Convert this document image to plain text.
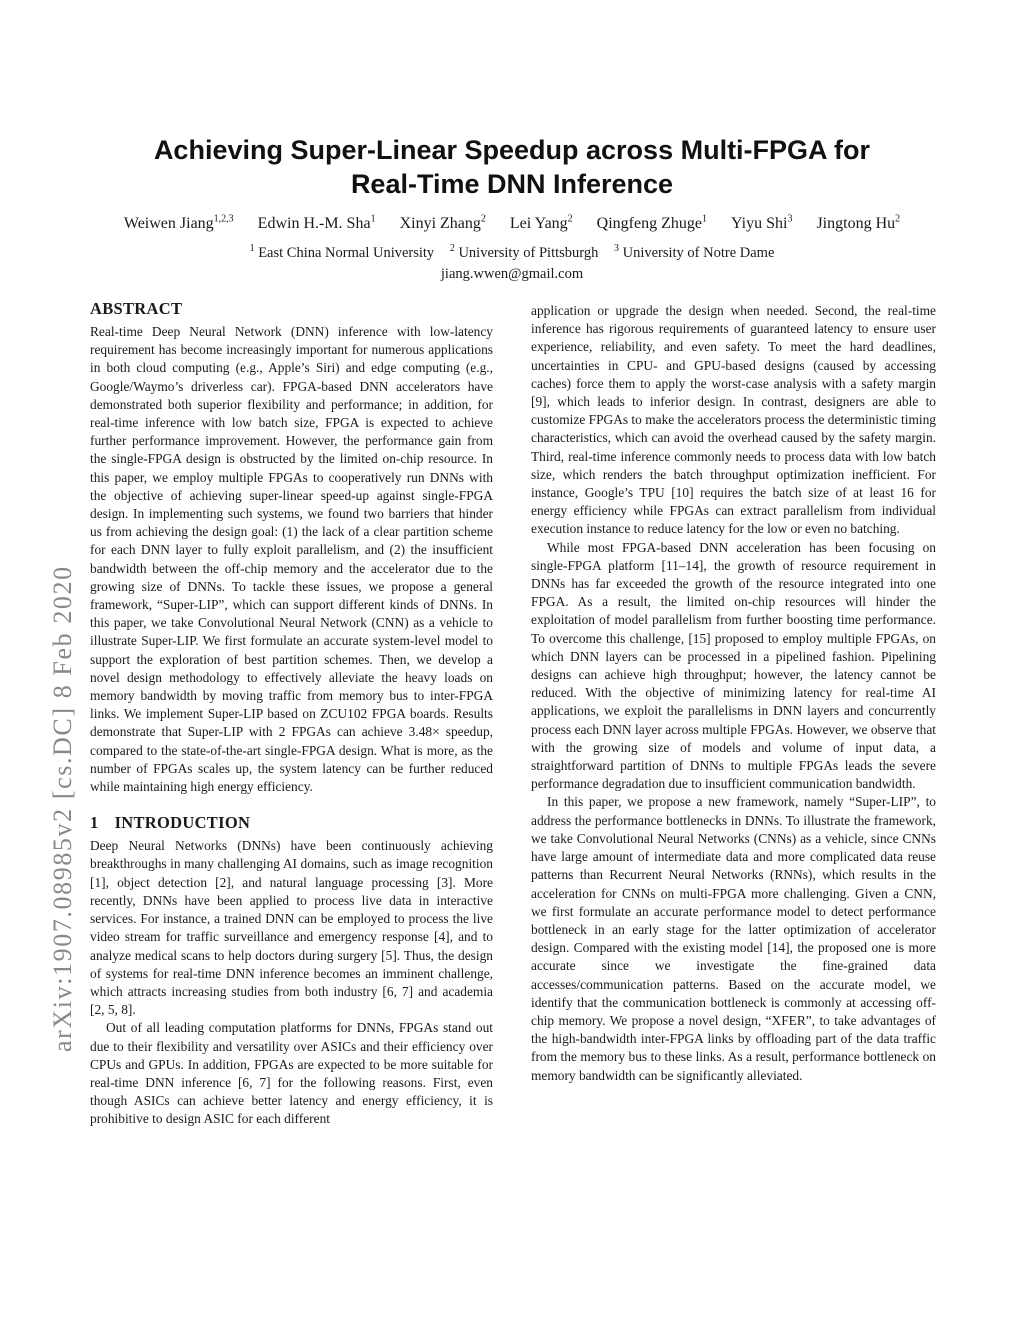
arXiv:1907.08985v2 [cs.DC] 8 Feb 2020
Achieving Super-Linear Speedup across Multi-FPGA for
Real-Time DNN Inference
Weiwen Jiang$^{1,2,3}$ Edwin H.-M. Sha$^1$ Xinyi Zhang$^2$ Lei Yang$^2$ Qingfeng Zhuge$^1$ Yiyu Shi$^3$ Jingtong Hu$^2$
$^1$ East China Normal University $^2$ University of Pittsburgh $^3$ University of Notre Dame
jiang.wwen@gmail.com
ABSTRACT

Real-time Deep Neural Network (DNN) inference with low-latency requirement has become increasingly important for numerous applications in both cloud computing (e.g., Apple’s Siri) and edge computing (e.g., Google/Waymo’s driverless car). FPGA-based DNN accelerators have demonstrated both superior flexibility and performance; in addition, for real-time inference with low batch size, FPGA is expected to achieve further performance improvement. However, the performance gain from the single-FPGA design is obstructed by the limited on-chip resource. In this paper, we employ multiple FPGAs to cooperatively run DNNs with the objective of achieving super-linear speed-up against single-FPGA design. In implementing such systems, we found two barriers that hinder us from achieving the design goal: (1) the lack of a clear partition scheme for each DNN layer to fully exploit parallelism, and (2) the insufficient bandwidth between the off-chip memory and the accelerator due to the growing size of DNNs. To tackle these issues, we propose a general framework, “Super-LIP”, which can support different kinds of DNNs. In this paper, we take Convolutional Neural Network (CNN) as a vehicle to illustrate Super-LIP. We first formulate an accurate system-level model to support the exploration of best partition schemes. Then, we develop a novel design methodology to effectively alleviate the heavy loads on memory bandwidth by moving traffic from memory bus to inter-FPGA links. We implement Super-LIP based on ZCU102 FPGA boards. Results demonstrate that Super-LIP with 2 FPGAs can achieve 3.48× speedup, compared to the state-of-the-art single-FPGA design. What is more, as the number of FPGAs scales up, the system latency can be further reduced while maintaining high energy efficiency.

1 INTRODUCTION

Deep Neural Networks (DNNs) have been continuously achieving breakthroughs in many challenging AI domains, such as image recognition [1], object detection [2], and natural language processing [3]. More recently, DNNs have been applied to process live data in interactive services. For instance, a trained DNN can be employed to process the live video stream for traffic surveillance and emergency response [4], and to analyze medical scans to help doctors during surgery [5]. Thus, the design of systems for real-time DNN inference becomes an imminent challenge, which attracts increasing studies from both industry [6, 7] and academia [2, 5, 8].

Out of all leading computation platforms for DNNs, FPGAs stand out due to their flexibility and versatility over ASICs and their efficiency over CPUs and GPUs. In addition, FPGAs are expected to be more suitable for real-time DNN inference [6, 7] for the following reasons. First, even though ASICs can achieve better latency and energy efficiency, it is prohibitive to design ASIC for each different

application or upgrade the design when needed. Second, the real-time inference has rigorous requirements of guaranteed latency to ensure user experience, reliability, and even safety. To meet the hard deadlines, uncertainties in CPU- and GPU-based designs (caused by accessing caches) force them to apply the worst-case analysis with a safety margin [9], which leads to inferior design. In contrast, designers are able to customize FPGAs to make the accelerators process the deterministic timing characteristics, which can avoid the overhead caused by the safety margin. Third, real-time inference commonly needs to process data with low batch size, which renders the batch throughput optimization inefficient. For instance, Google’s TPU [10] requires the batch size of at least 16 for energy efficiency while FPGAs can extract parallelism from individual execution instance to reduce latency for the low or even no batching.

While most FPGA-based DNN acceleration has been focusing on single-FPGA platform [11–14], the growth of resource requirement in DNNs has far exceeded the growth of the resource integrated into one FPGA. As a result, the limited on-chip resources will hinder the exploitation of model parallelism from further boosting time performance. To overcome this challenge, [15] proposed to employ multiple FPGAs, on which DNN layers can be processed in a pipelined fashion. Pipelining designs can achieve high throughput; however, the latency cannot be reduced. With the objective of minimizing latency for real-time AI applications, we exploit the parallelisms in DNN layers and concurrently process each DNN layer across multiple FPGAs. However, we observe that with the growing size of models and volume of input data, a straightforward partition of DNNs to multiple FPGAs leads the severe performance degradation due to insufficient communication bandwidth.

In this paper, we propose a new framework, namely “Super-LIP”, to address the performance bottlenecks in DNNs. To illustrate the framework, we take Convolutional Neural Networks (CNNs) as a vehicle, since CNNs have large amount of intermediate data and more complicated data reuse patterns than Recurrent Neural Networks (RNNs), which results in the acceleration for CNNs on multi-FPGA more challenging. Given a CNN, we first formulate an accurate performance model to detect performance bottleneck in an early stage for the latter optimization of accelerator design. Compared with the existing model [14], the proposed one is more accurate since we investigate the fine-grained data accesses/communication patterns. Based on the accurate model, we identify that the communication bottleneck is commonly at accessing off-chip memory. We propose a novel design, “XFER”, to take advantages of the high-bandwidth inter-FPGA links by offloading part of the data traffic from the memory bus to these links. As a result, performance bottleneck on memory bandwidth can be significantly alleviated.
